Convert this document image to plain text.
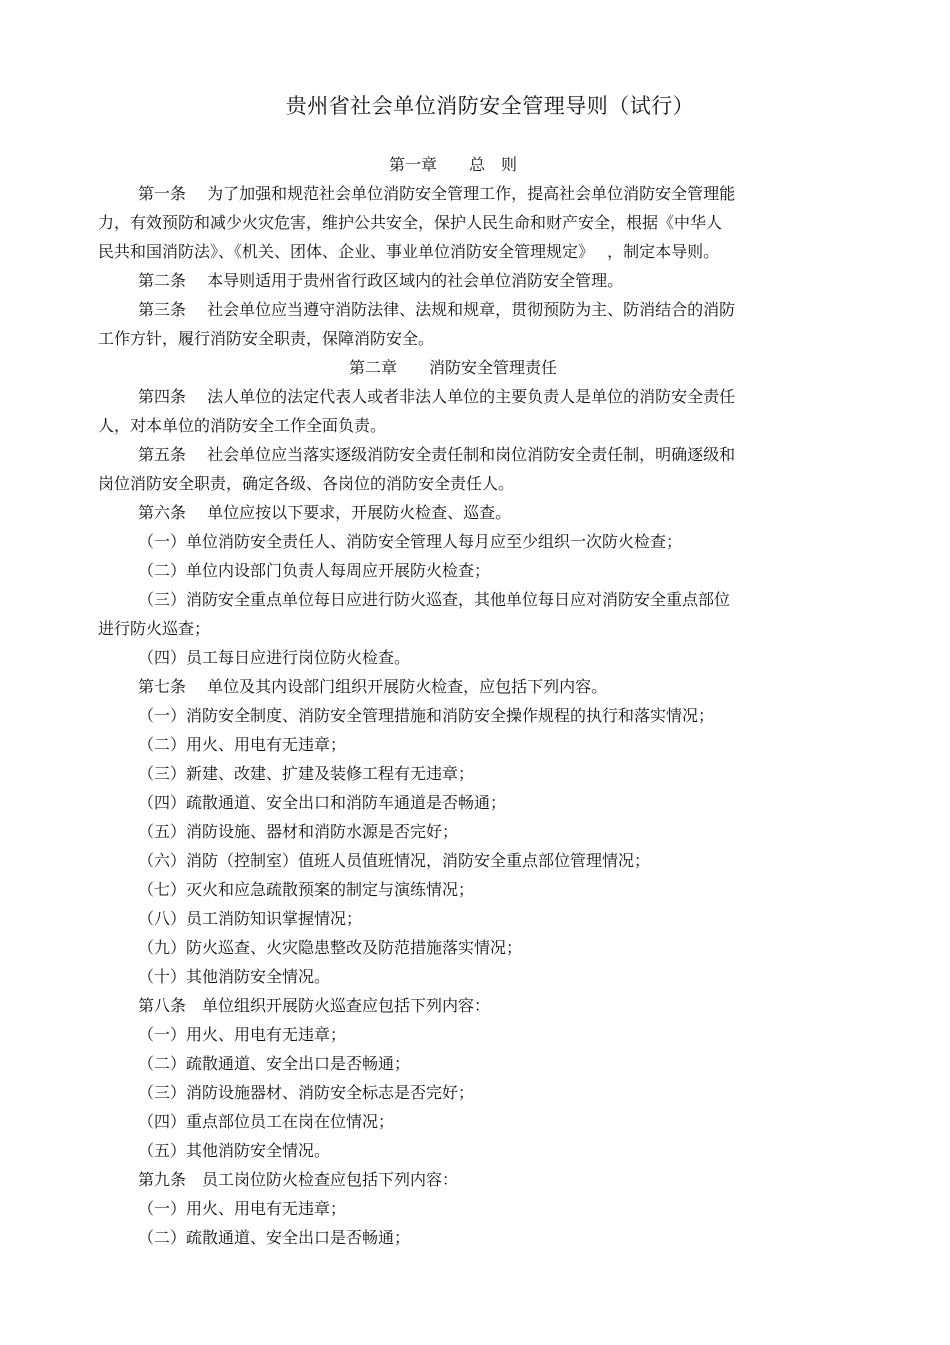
贵州省社会单位消防安全管理导则（试行）
第一章　　总　则
第一条　 为了加强和规范社会单位消防安全管理工作，提高社会单位消防安全管理能
力，有效预防和减少火灾危害，维护公共安全，保护人民生命和财产安全，根据《中华人
民共和国消防法》、《机关、团体、企业、事业单位消防安全管理规定》　 ，制定本导则。
第二条　 本导则适用于贵州省行政区域内的社会单位消防安全管理。
第三条　 社会单位应当遵守消防法律、法规和规章，贯彻预防为主、防消结合的消防
工作方针，履行消防安全职责，保障消防安全。
第二章　　消防安全管理责任
第四条　 法人单位的法定代表人或者非法人单位的主要负责人是单位的消防安全责任
人，对本单位的消防安全工作全面负责。
第五条　 社会单位应当落实逐级消防安全责任制和岗位消防安全责任制，明确逐级和
岗位消防安全职责，确定各级、各岗位的消防安全责任人。
第六条　 单位应按以下要求，开展防火检查、巡查。
（一）单位消防安全责任人、消防安全管理人每月应至少组织一次防火检查；
（二）单位内设部门负责人每周应开展防火检查；
（三）消防安全重点单位每日应进行防火巡查，其他单位每日应对消防安全重点部位
进行防火巡查；
（四）员工每日应进行岗位防火检查。
第七条　 单位及其内设部门组织开展防火检查，应包括下列内容。
（一）消防安全制度、消防安全管理措施和消防安全操作规程的执行和落实情况；
（二）用火、用电有无违章；
（三）新建、改建、扩建及装修工程有无违章；
（四）疏散通道、安全出口和消防车通道是否畅通；
（五）消防设施、器材和消防水源是否完好；
（六）消防（控制室）值班人员值班情况，消防安全重点部位管理情况；
（七）灭火和应急疏散预案的制定与演练情况；
（八）员工消防知识掌握情况；
（九）防火巡查、火灾隐患整改及防范措施落实情况；
（十）其他消防安全情况。
第八条　单位组织开展防火巡查应包括下列内容：
（一）用火、用电有无违章；
（二）疏散通道、安全出口是否畅通；
（三）消防设施器材、消防安全标志是否完好；
（四）重点部位员工在岗在位情况；
（五）其他消防安全情况。
第九条　员工岗位防火检查应包括下列内容：
（一）用火、用电有无违章；
（二）疏散通道、安全出口是否畅通；
